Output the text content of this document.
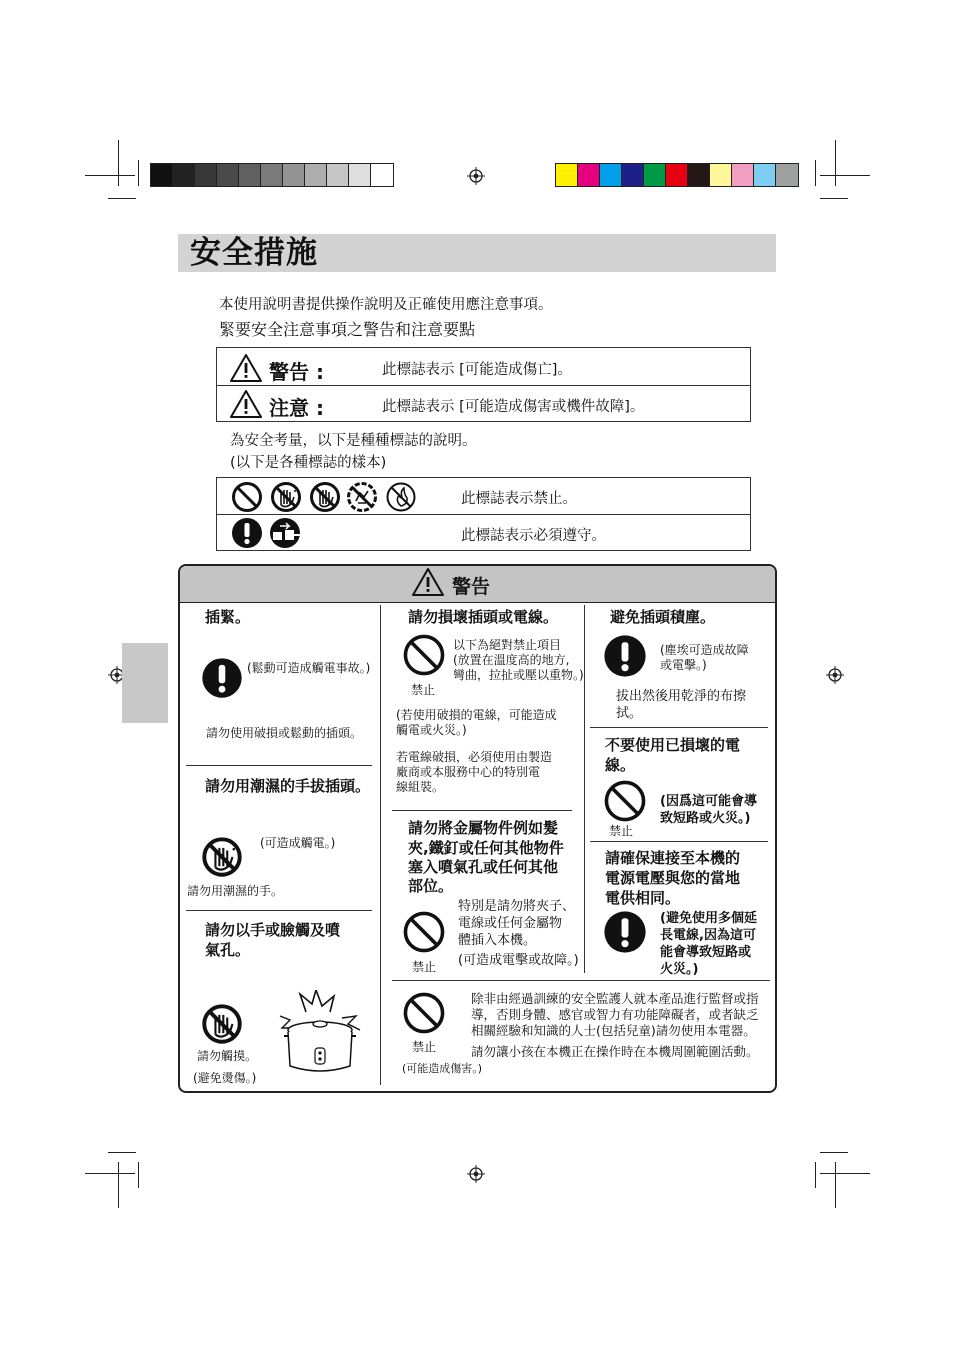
安全措施
本使用說明書提供操作說明及正確使用應注意事項。
緊要安全注意事項之警告和注意要點
警告 :	此標誌表示 [可能造成傷亡]。
注意 :	此標誌表示 [可能造成傷害或機件故障]。
為安全考量，以下是種種標誌的說明。
(以下是各種標誌的樣本)
此標誌表示禁止。
此標誌表示必須遵守。
警告
插緊。
(鬆動可造成觸電事故。)
請勿使用破損或鬆動的插頭。
請勿用潮濕的手拔插頭。
(可造成觸電。)
請勿用潮濕的手。
請勿以手或臉觸及噴
氣孔。
請勿觸摸。
(避免燙傷。)
請勿損壞插頭或電線。
禁止
以下為絕對禁止項目
(放置在溫度高的地方,
彎曲，拉扯或壓以重物。)
(若使用破損的電線，可能造成
觸電或火災。)
若電線破損，必須使用由製造
廠商或本服務中心的特別電
線組裝。
請勿將金屬物件例如髮
夾,鐵釘或任何其他物件
塞入噴氣孔或任何其他
部位。
禁止
特別是請勿將夾子、
電線或任何金屬物
體插入本機。
(可造成電擊或故障。)
避免插頭積塵。
(塵埃可造成故障
或電擊。)
拔出然後用乾淨的布擦
拭。
不要使用已損壞的電
線。
禁止
(因爲這可能會導
致短路或火災。)
請確保連接至本機的
電源電壓與您的當地
電供相同。
(避免使用多個延
長電線,因為這可
能會導致短路或
火災。)
禁止
(可能造成傷害。)
除非由經過訓練的安全監護人就本產品進行監督或指
導，否則身體、感官或智力有功能障礙者，或者缺乏
相關經驗和知識的人士(包括兒童)請勿使用本電器。
請勿讓小孩在本機正在操作時在本機周圍範圍活動。
